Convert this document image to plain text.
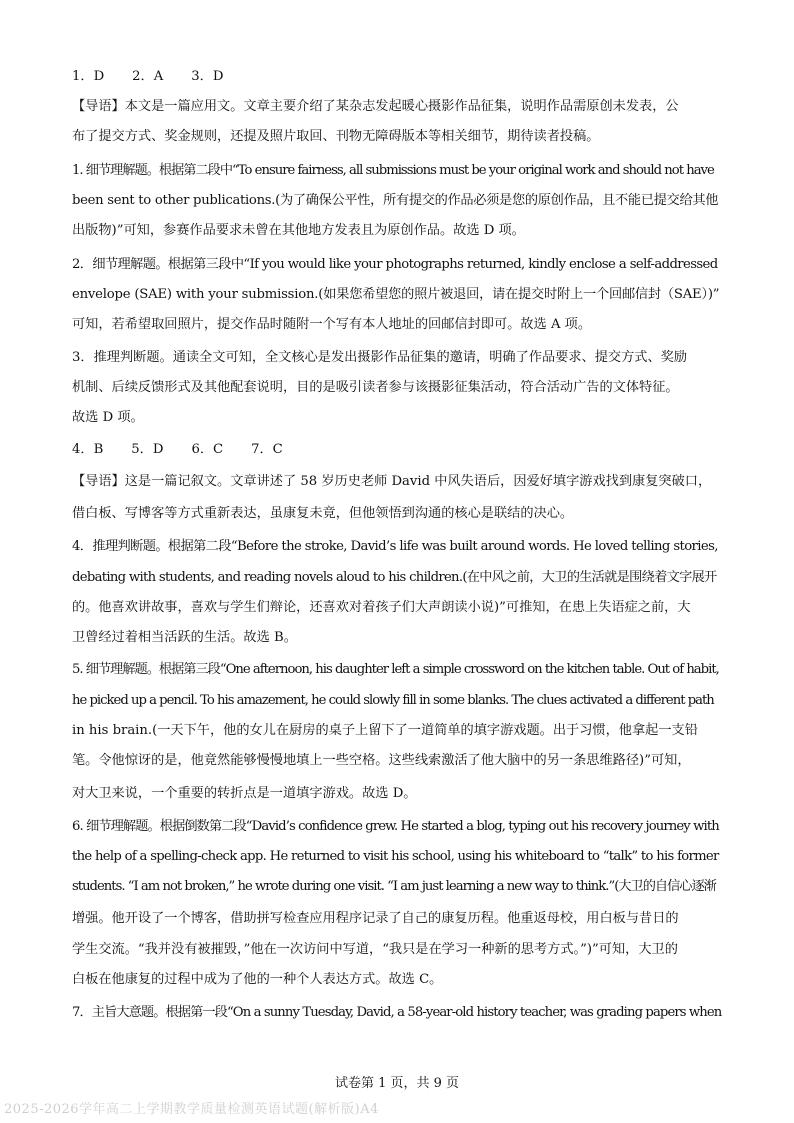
1．D 2．A 3．D
【导语】本文是一篇应用文。文章主要介绍了某杂志发起暖心摄影作品征集，说明作品需原创未发表，公
布了提交方式、奖金规则，还提及照片取回、刊物无障碍版本等相关细节，期待读者投稿。
1. 细节理解题。根据第二段中“To ensure fairness, all submissions must be your original work and should not have
been sent to other publications.(为了确保公平性，所有提交的作品必须是您的原创作品，且不能已提交给其他
出版物)”可知，参赛作品要求未曾在其他地方发表且为原创作品。故选 D 项。
2．细节理解题。根据第三段中“If you would like your photographs returned, kindly enclose a self-addressed
envelope (SAE) with your submission.(如果您希望您的照片被退回，请在提交时附上一个回邮信封（SAE）)”
可知，若希望取回照片，提交作品时随附一个写有本人地址的回邮信封即可。故选 A 项。
3．推理判断题。通读全文可知，全文核心是发出摄影作品征集的邀请，明确了作品要求、提交方式、奖励
机制、后续反馈形式及其他配套说明，目的是吸引读者参与该摄影征集活动，符合活动广告的文体特征。
故选 D 项。
4．B 5．D 6．C 7．C
【导语】这是一篇记叙文。文章讲述了 58 岁历史老师 David 中风失语后，因爱好填字游戏找到康复突破口，
借白板、写博客等方式重新表达，虽康复未竟，但他领悟到沟通的核心是联结的决心。
4．推理判断题。根据第二段“Before the stroke, David’s life was built around words. He loved telling stories,
debating with students, and reading novels aloud to his children.(在中风之前，大卫的生活就是围绕着文字展开
的。他喜欢讲故事，喜欢与学生们辩论，还喜欢对着孩子们大声朗读小说)”可推知，在患上失语症之前，大
卫曾经过着相当活跃的生活。故选 B。
5. 细节理解题。根据第三段“One afternoon, his daughter left a simple crossword on the kitchen table. Out of habit,
he picked up a pencil. To his amazement, he could slowly fill in some blanks. The clues activated a different path
in his brain.(一天下午，他的女儿在厨房的桌子上留下了一道简单的填字游戏题。出于习惯，他拿起一支铅
笔。令他惊讶的是，他竟然能够慢慢地填上一些空格。这些线索激活了他大脑中的另一条思维路径)”可知，
对大卫来说，一个重要的转折点是一道填字游戏。故选 D。
6. 细节理解题。根据倒数第二段“David’s confidence grew. He started a blog, typing out his recovery journey with
the help of a spelling-check app. He returned to visit his school, using his whiteboard to “talk” to his former
students. “I am not broken,” he wrote during one visit. “I am just learning a new way to think.”(大卫的自信心逐渐
增强。他开设了一个博客，借助拼写检查应用程序记录了自己的康复历程。他重返母校，用白板与昔日的
学生交流。“我并没有被摧毁，”他在一次访问中写道，“我只是在学习一种新的思考方式。”)”可知，大卫的
白板在他康复的过程中成为了他的一种个人表达方式。故选 C。
7．主旨大意题。根据第一段“On a sunny Tuesday, David, a 58-year-old history teacher, was grading papers when
试卷第 1 页，共 9 页
2025-2026学年高二上学期教学质量检测英语试题(解析版)A4
